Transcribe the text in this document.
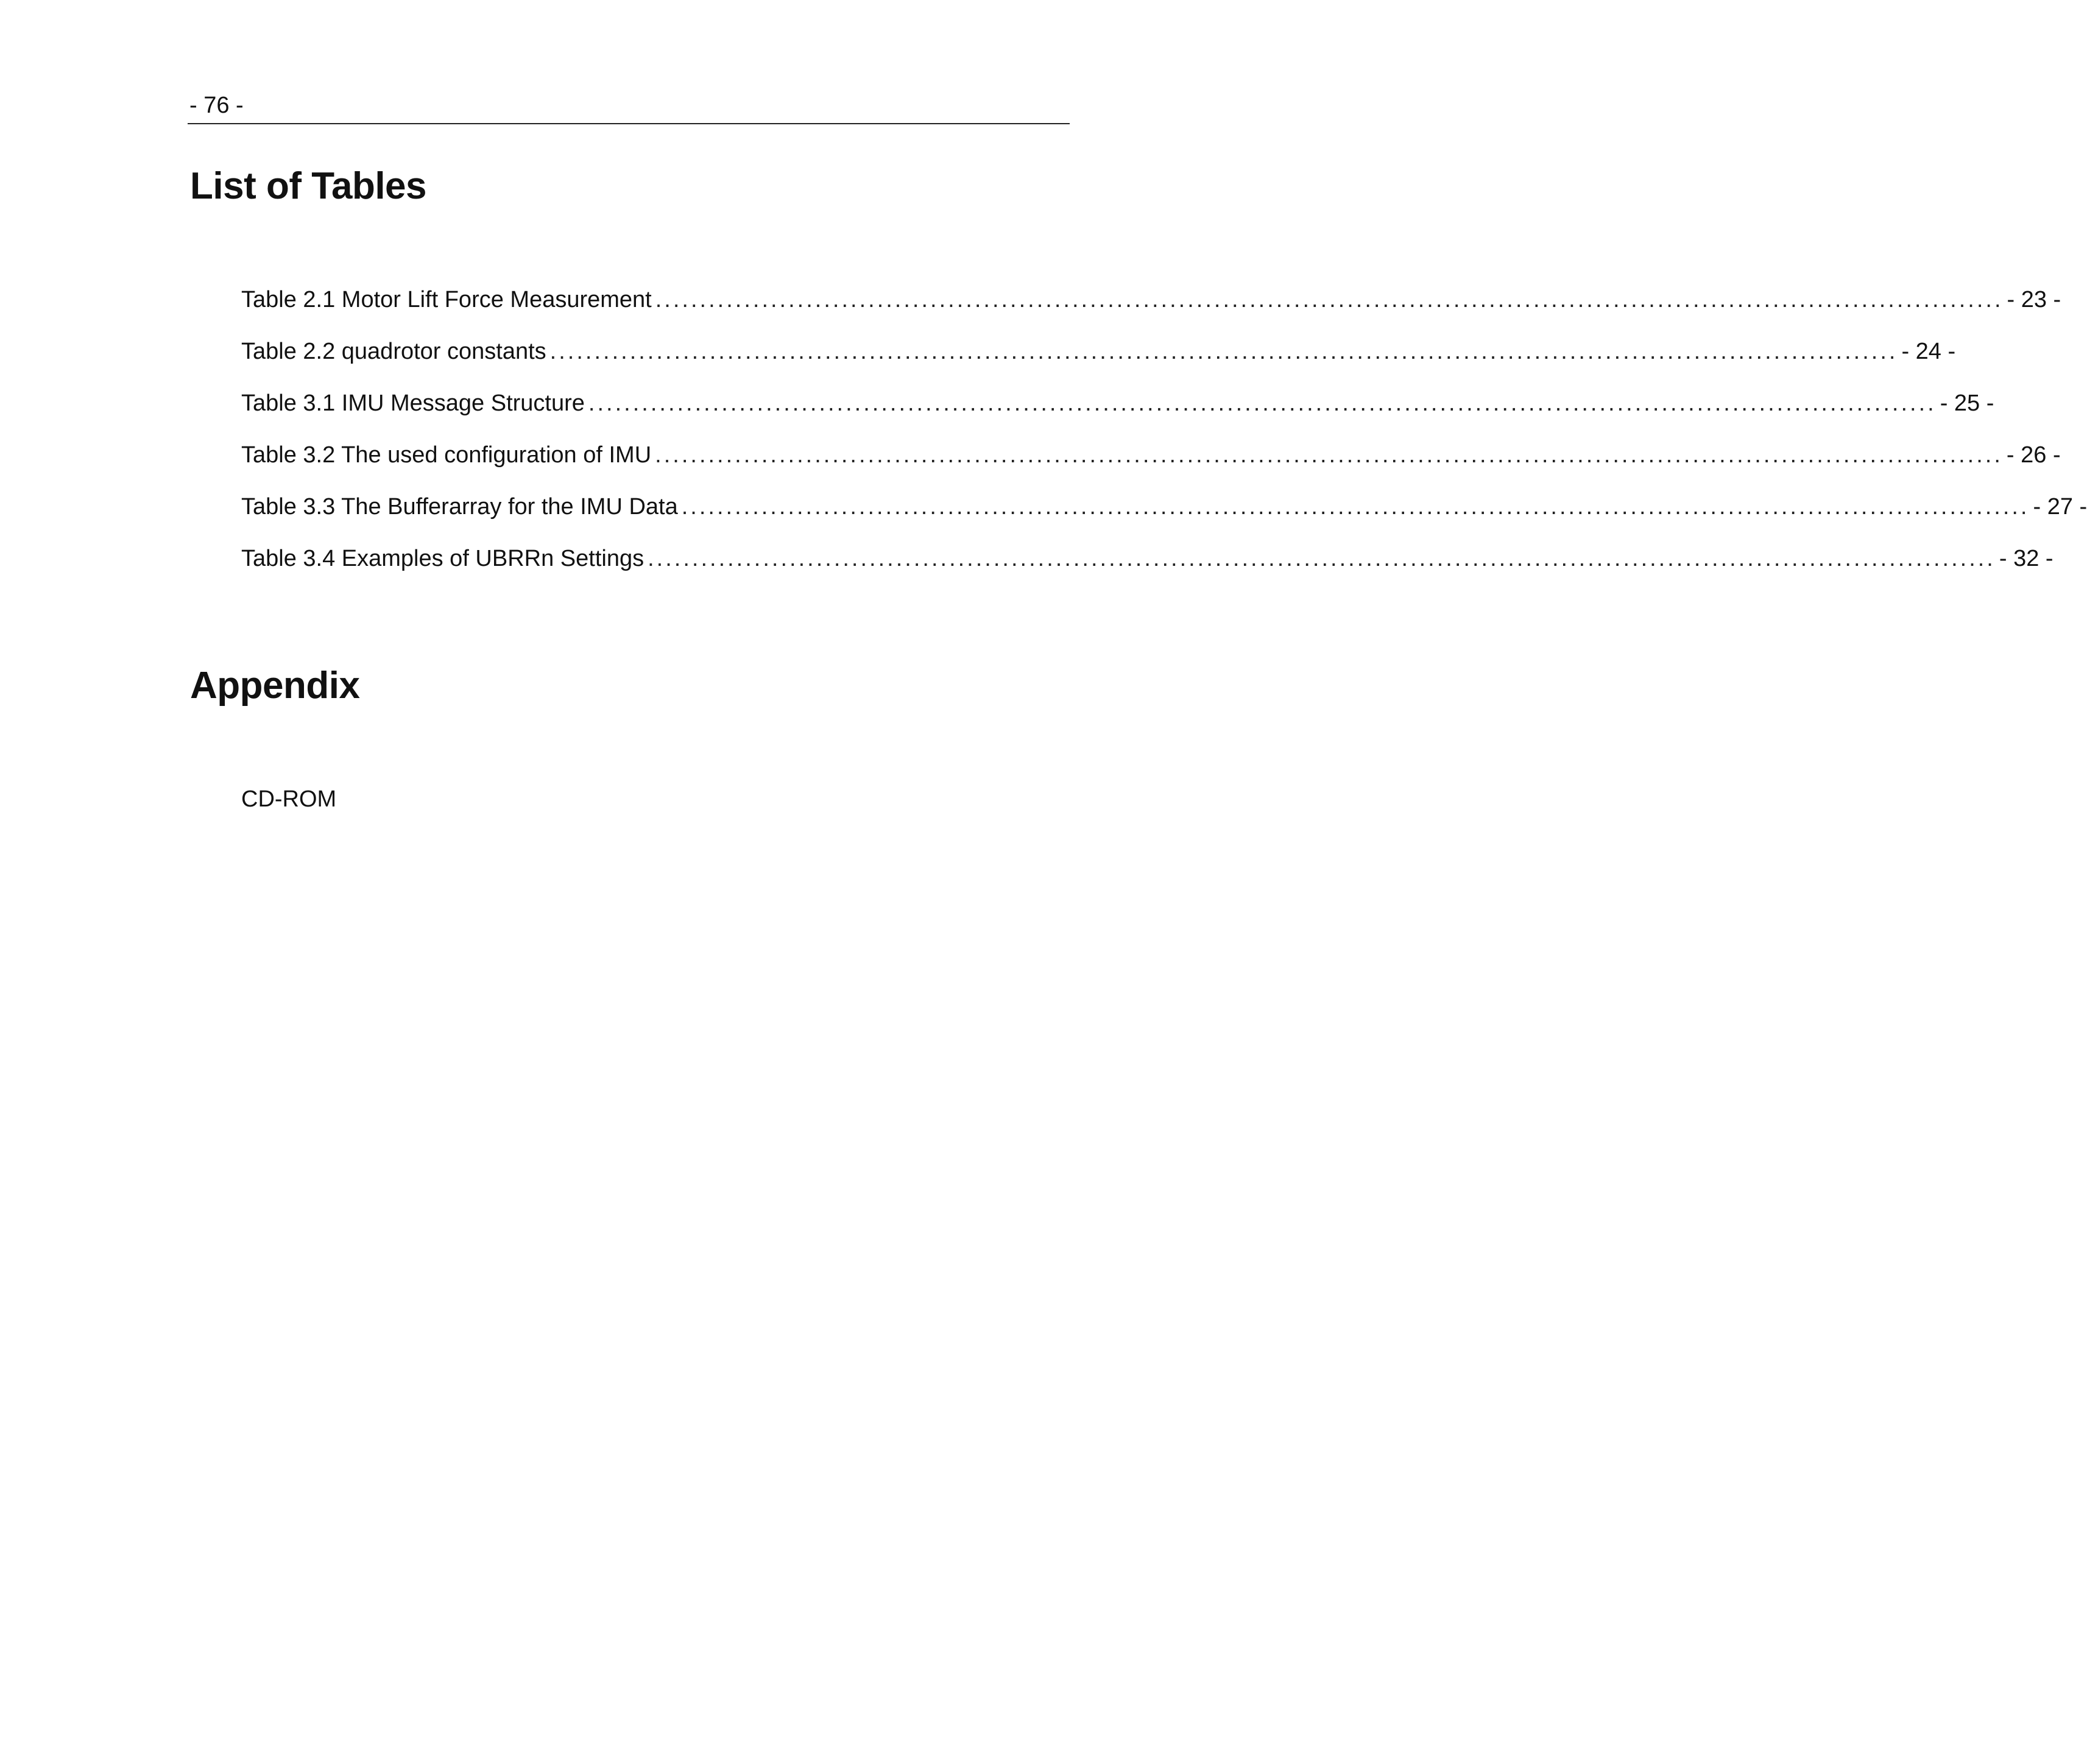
- 76 -
List of Tables
Table 2.1 Motor Lift Force Measurement ........................................................................................................................................................ - 23 -
Table 2.2 quadrotor constants ........................................................................................................................................................ - 24 -
Table 3.1 IMU Message Structure ........................................................................................................................................................ - 25 -
Table 3.2 The used configuration of IMU ........................................................................................................................................................ - 26 -
Table 3.3 The Bufferarray for the IMU Data ........................................................................................................................................................ - 27 -
Table 3.4 Examples of UBRRn Settings ........................................................................................................................................................ - 32 -
Appendix
CD-ROM
